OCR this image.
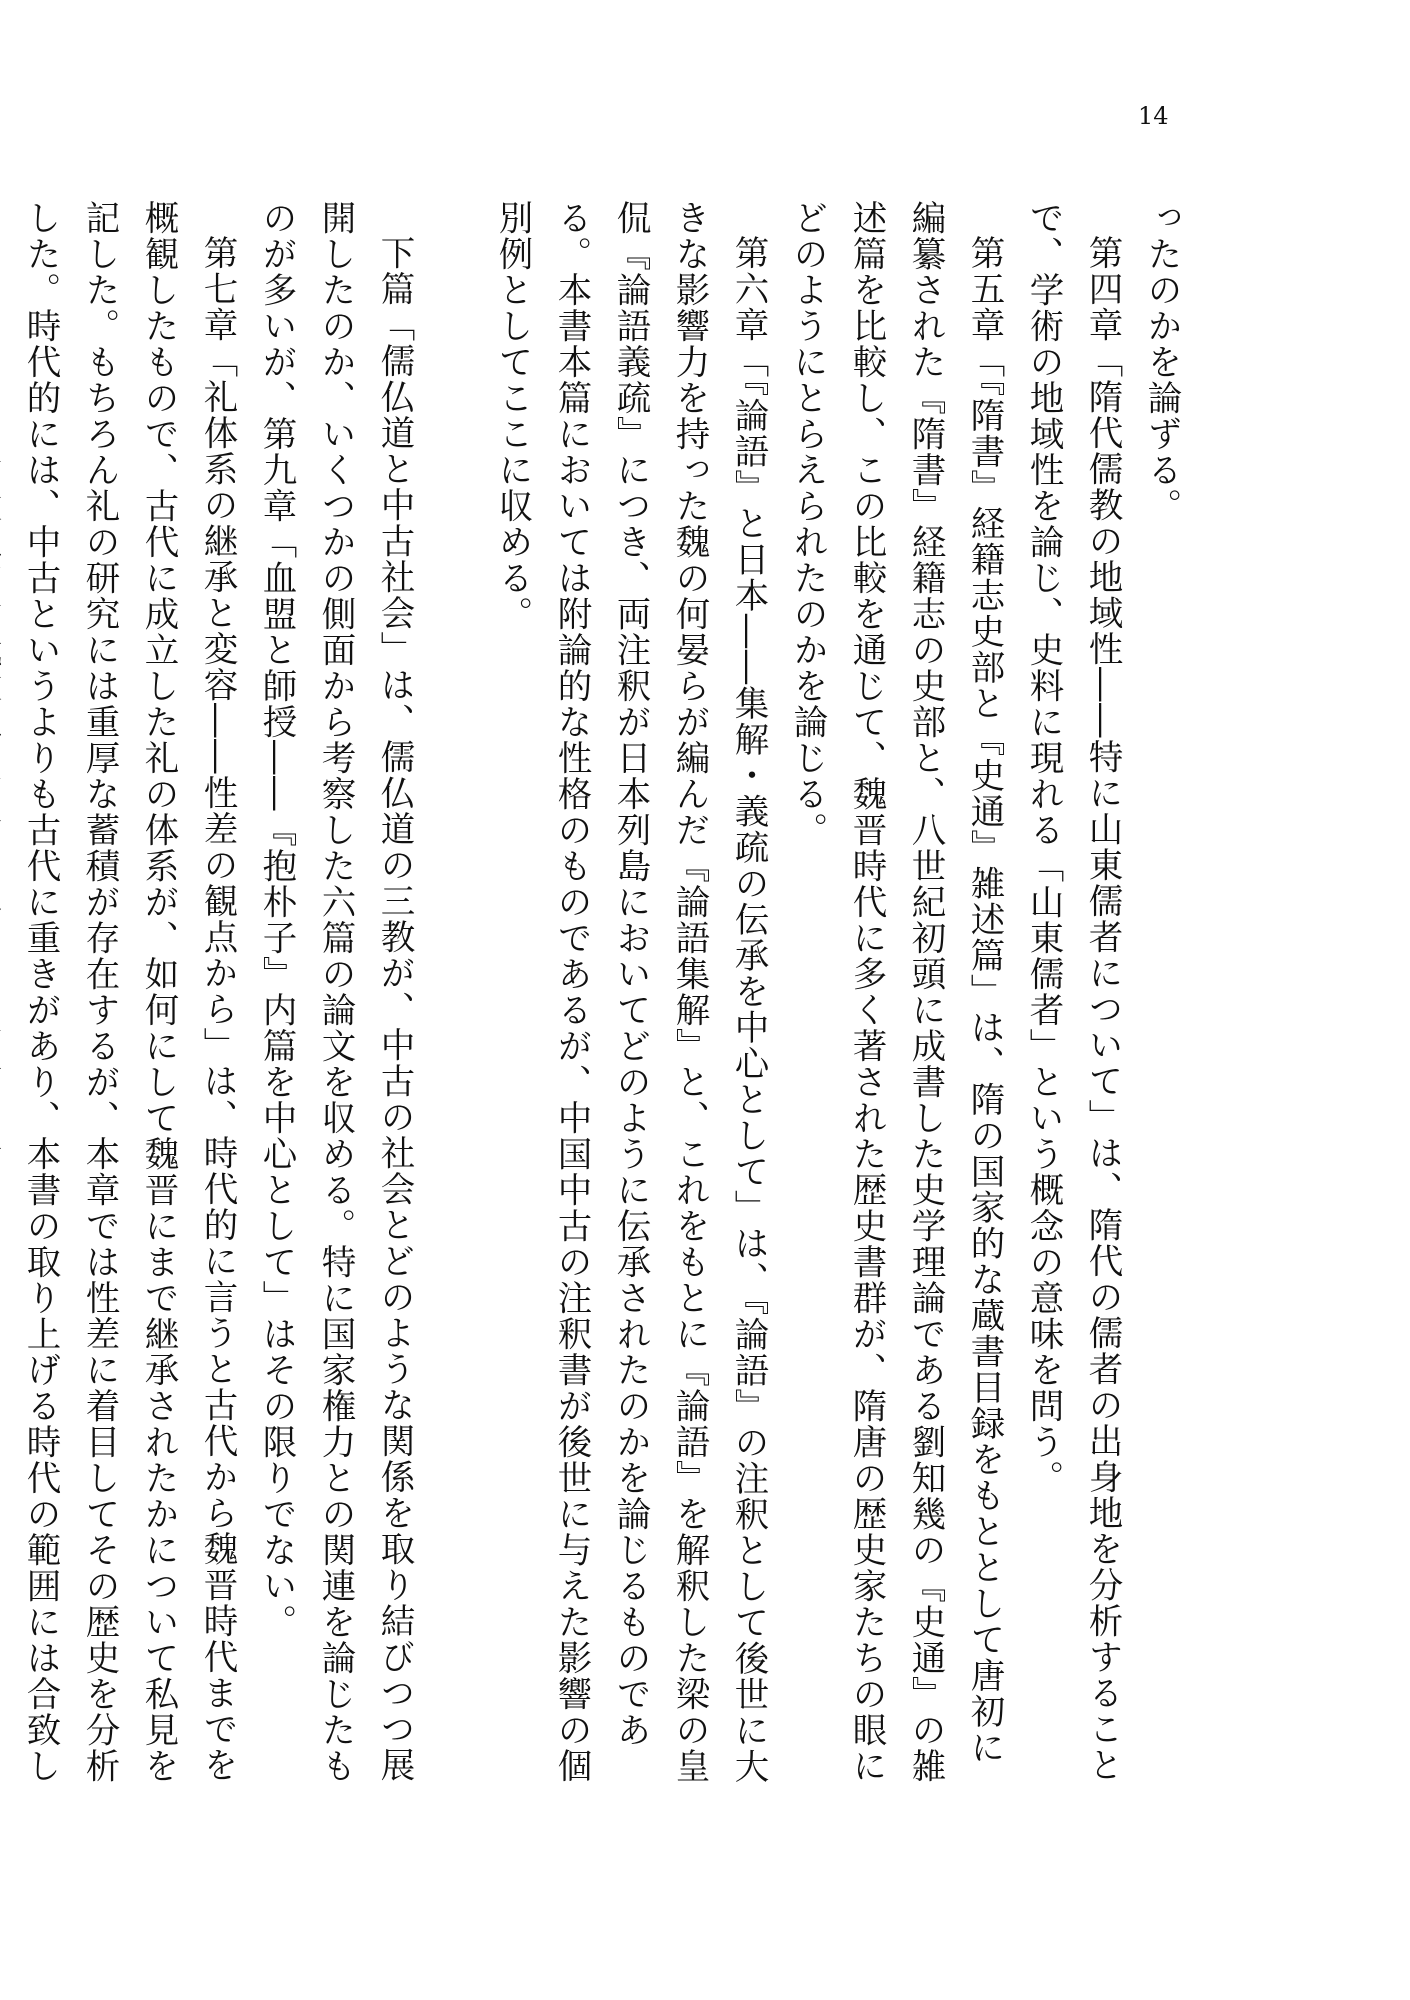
14

ったのかを論ずる。

第四章「隋代儒教の地域性――特に山東儒者について」は、隋代の儒者の出身地を分析することで、学術の地域性を論じ、史料に現れる「山東儒者」という概念の意味を問う。

第五章「『隋書』経籍志史部と『史通』雑述篇」は、隋の国家的な蔵書目録をもととして唐初に編纂された『隋書』経籍志の史部と、八世紀初頭に成書した史学理論である劉知幾の『史通』の雑述篇を比較し、この比較を通じて、魏晋時代に多く著された歴史書群が、隋唐の歴史家たちの眼にどのようにとらえられたのかを論じる。

第六章「『論語』と日本――集解・義疏の伝承を中心として」は、『論語』の注釈として後世に大きな影響力を持った魏の何晏らが編んだ『論語集解』と、これをもとに『論語』を解釈した梁の皇侃『論語義疏』につき、両注釈が日本列島においてどのように伝承されたのかを論じるものである。本書本篇においては附論的な性格のものであるが、中国中古の注釈書が後世に与えた影響の個別例としてここに収める。

下篇「儒仏道と中古社会」は、儒仏道の三教が、中古の社会とどのような関係を取り結びつつ展開したのか、いくつかの側面から考察した六篇の論文を収める。特に国家権力との関連を論じたものが多いが、第九章「血盟と師授――『抱朴子』内篇を中心として」はその限りでない。

第七章「礼体系の継承と変容――性差の観点から」は、時代的に言うと古代から魏晋時代までを概観したもので、古代に成立した礼の体系が、如何にして魏晋にまで継承されたかについて私見を記した。もちろん礼の研究には重厚な蓄積が存在するが、本章では性差に着目してその歴史を分析した。時代的には、中古というよりも古代に重きがあり、本書の取り上げる時代の範囲には合致し
